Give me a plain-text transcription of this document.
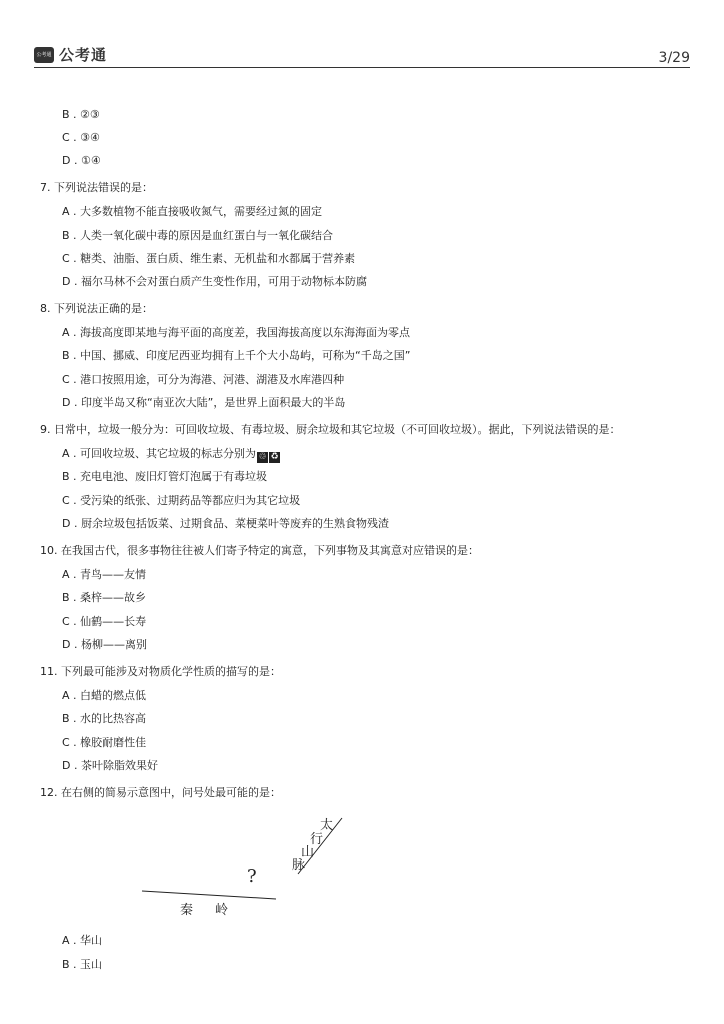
公考通 公考通	3/29
B . ②③
C . ③④
D . ①④
7. 下列说法错误的是：
A . 大多数植物不能直接吸收氮气，需要经过氮的固定
B . 人类一氧化碳中毒的原因是血红蛋白与一氧化碳结合
C . 糖类、油脂、蛋白质、维生素、无机盐和水都属于营养素
D . 福尔马林不会对蛋白质产生变性作用，可用于动物标本防腐
8. 下列说法正确的是：
A . 海拔高度即某地与海平面的高度差，我国海拔高度以东海海面为零点
B . 中国、挪威、印度尼西亚均拥有上千个大小岛屿，可称为“千岛之国”
C . 港口按照用途，可分为海港、河港、湖港及水库港四种
D . 印度半岛又称“南亚次大陆”，是世界上面积最大的半岛
9. 日常中，垃圾一般分为：可回收垃圾、有毒垃圾、厨余垃圾和其它垃圾（不可回收垃圾）。据此，下列说法错误的是：
A . 可回收垃圾、其它垃圾的标志分别为 ♲ ♻
B . 充电电池、废旧灯管灯泡属于有毒垃圾
C . 受污染的纸张、过期药品等都应归为其它垃圾
D . 厨余垃圾包括饭菜、过期食品、菜梗菜叶等废弃的生熟食物残渣
10. 在我国古代，很多事物往往被人们寄予特定的寓意，下列事物及其寓意对应错误的是：
A . 青鸟——友情
B . 桑梓——故乡
C . 仙鹤——长寿
D . 杨柳——离别
11. 下列最可能涉及对物质化学性质的描写的是：
A . 白蜡的燃点低
B . 水的比热容高
C . 橡胶耐磨性佳
D . 茶叶除脂效果好
12. 在右侧的简易示意图中，问号处最可能的是：
太
行
山
脉
?
秦 岭
A . 华山
B . 玉山
